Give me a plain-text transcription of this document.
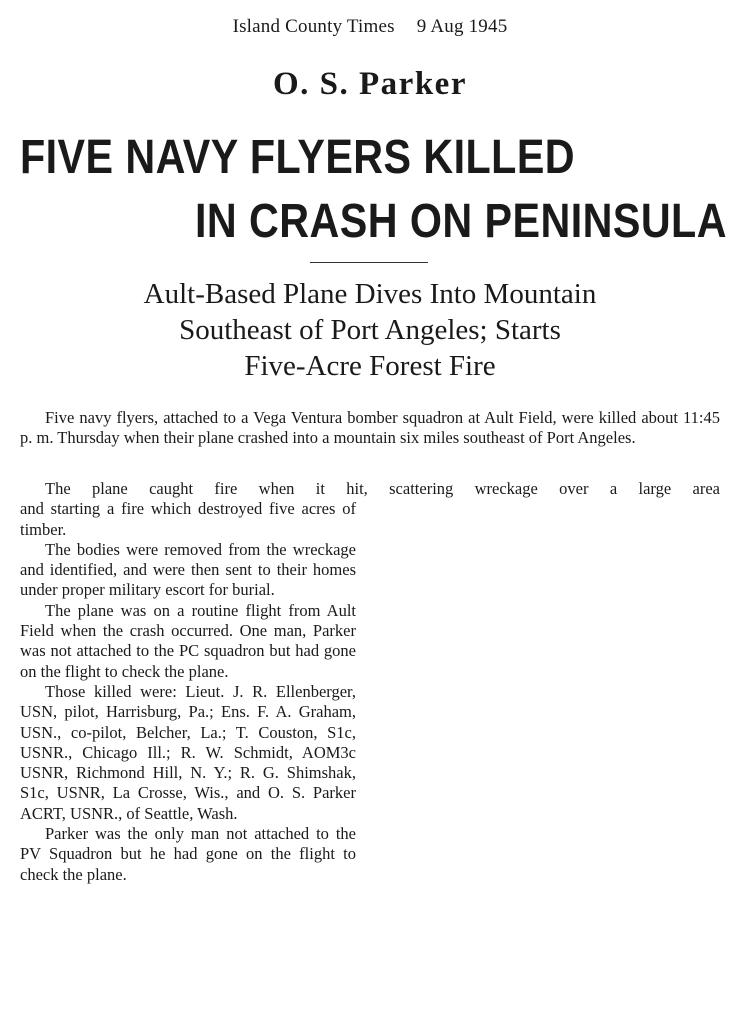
Island County Times 9 Aug 1945
O. S. Parker
FIVE NAVY FLYERS KILLED
IN CRASH ON PENINSULA
Ault-Based Plane Dives Into Mountain
Southeast of Port Angeles; Starts
Five-Acre Forest Fire

Five navy flyers, attached to a Vega Ventura bomber squadron at Ault Field, were killed about 11:45 p. m. Thursday when their plane crashed into a mountain six miles southeast of Port Angeles.

The plane caught fire when it hit, scattering wreckage over a large area

and starting a fire which destroyed five acres of timber.

The bodies were removed from the wreckage and identified, and were then sent to their homes under proper military escort for burial.

The plane was on a routine flight from Ault Field when the crash occurred. One man, Parker was not attached to the PC squadron but had gone on the flight to check the plane.

Those killed were: Lieut. J. R. Ellenberger, USN, pilot, Harrisburg, Pa.; Ens. F. A. Graham, USN., co-pilot, Belcher, La.; T. Couston, S1c, USNR., Chicago Ill.; R. W. Schmidt, AOM3c USNR, Richmond Hill, N. Y.; R. G. Shimshak, S1c, USNR, La Crosse, Wis., and O. S. Parker ACRT, USNR., of Seattle, Wash.

Parker was the only man not attached to the PV Squadron but he had gone on the flight to check the plane.
